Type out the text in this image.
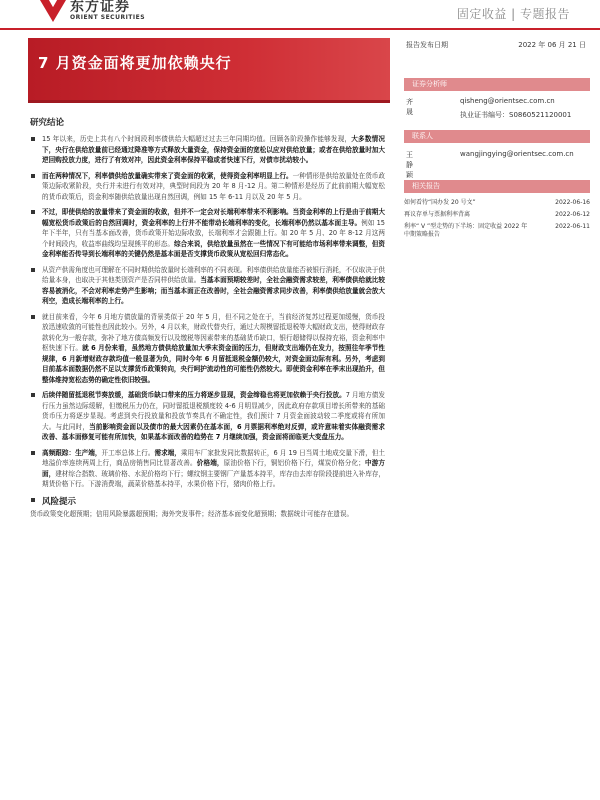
东方证券
ORIENT SECURITIES	固定收益 | 专题报告
7 月资金面将更加依赖央行
报告发布日期	2022 年 06 月 21 日
证券分析师
齐晟
qisheng@orientsec.com.cn
执业证书编号：S0860521120001
联系人
王静颖
wangjingying@orientsec.com.cn
相关报告
如何看待“国办发 20 号文”	2022-06-16
再议存单与票据利率背离	2022-06-12
利率“ V ”型走势的下半场：固定收益 2022 年中期策略报告
2022-06-11
研究结论
15 年以来，历史上共有八个时间段利率债供给大幅超过过去三年同期均值。回顾各阶段操作能够发现，大多数情况下，央行在供给放量前已经通过降准等方式释放大量资金，保持资金面的宽松以应对供给放量；或者在供给放量时加大逆回购投放力度，进行了有效对冲，因此资金利率保持平稳或者快速下行，对债市扰动较小。
而在两种情况下，利率债供给放量确实带来了资金面的收紧，使得资金利率明显上行。一种情形是供给放量处在货币政策边际收紧阶段，央行并未进行有效对冲，典型时间段为 20 年 8 月-12 月。第二种情形是经历了此前前期大幅宽松的货币政策后，资金利率随供给放量出现自然回调，例如 15 年 6-11 月以及 20 年 5 月。
不过，即使供给的放量带来了资金面的收敛，但并不一定会对长端利率带来不利影响。当资金利率的上行是由于前期大幅宽松货币政策后的自然回调时，资金利率的上行并不能带动长端利率的变化，长端利率仍然以基本面主导。例如 15 年下半年，只有当基本面改善，货币政策开始边际收敛，长端利率才会跟随上行。如 20 年 5 月、20 年 8-12 月这两个时间段内，收益率曲线均呈现熊平的形态。综合来说，供给放量虽然在一些情况下有可能给市场利率带来调整，但资金利率能否传导到长端利率的关键仍然是基本面是否支撑货币政策从宽松回归常态化。
从资产供需角度也可理解在不同时期供给放量时长端利率的不同表现。利率债供给放量能否被银行消耗，不仅取决于供给量本身，也取决于其他类别资产是否同样供给放量。当基本面预期较差时，全社会融资需求较差，利率债供给就比较容易被消化，不会对利率走势产生影响；而当基本面正在改善时，全社会融资需求同步改善，利率债供给放量就会放大利空，造成长端利率的上行。
就目前来看，今年 6 月地方债放量的背景类似于 20 年 5 月，但不同之处在于，当前经济复苏过程更加缓慢，货币投放迅速收敛的可能性也因此较小。另外，4 月以来，财政代替央行，通过大规模留抵退税等大幅财政支出，使得财政存款转化为一般存款，弥补了地方债高频发行以及缴税等因素带来的基础货币缺口，银行超储得以保持充裕，资金利率中枢快速下行。就 6 月份来看，虽然地方债供给放量加大季末资金面的压力，但财政支出端仍在发力，按照往年季节性规律，6 月新增财政存款均值一般显著为负，同时今年 6 月留抵退税金额仍较大，对资金面边际有利。另外，考虑到目前基本面数据仍然不足以支撑货币政策转向，央行呵护流动性的可能性仍然较大。即使资金利率在季末出现抬升，但整体维持宽松态势的确定性依旧较强。
后续伴随留抵退税节奏放缓，基础货币缺口带来的压力将逐步显现，资金缔稳也将更加依赖于央行投放。7 月地方债发行压力虽然边际缓解，但缴税压力仍在，同时留抵退税额度较 4-6 月明显减少，因此政府存款项目增长所带来的基础货币压力将逐步显现。考虑到央行投放量和投放节奏具有不确定性，我们预计 7 月资金面波动较二季度或将有所加大。与此同时，当前影响资金面以及债市的最大因素仍在基本面，6 月票据利率绝对反弹，或许意味着实体融资需求改善、基本面修复可能有所加快，如果基本面改善的趋势在 7 月继续加强，资金面将面临更大变盘压力。
高频跟踪：生产端，开工率总体上行。需求端，乘用车厂家批发同比数据转正，6 月 19 日当周土地成交量下滑，但土地溢价率连续两周上行，商品房销售同比显著改善。价格端，原油价格下行，铜铝价格下行，煤炭价格分化；中游方面，建材综合指数、玻璃价格、水泥价格均下行；螺纹钢主要钢厂产量基本持平，库存由去库存阶段提前进入补库存，期货价格下行。下游消费端，蔬菜价格基本持平，水果价格下行，猪肉价格上行。
风险提示
货币政策变化超预期；信用风险暴露超预期；海外突发事件；经济基本面变化超预期；数据统计可能存在遗误。
